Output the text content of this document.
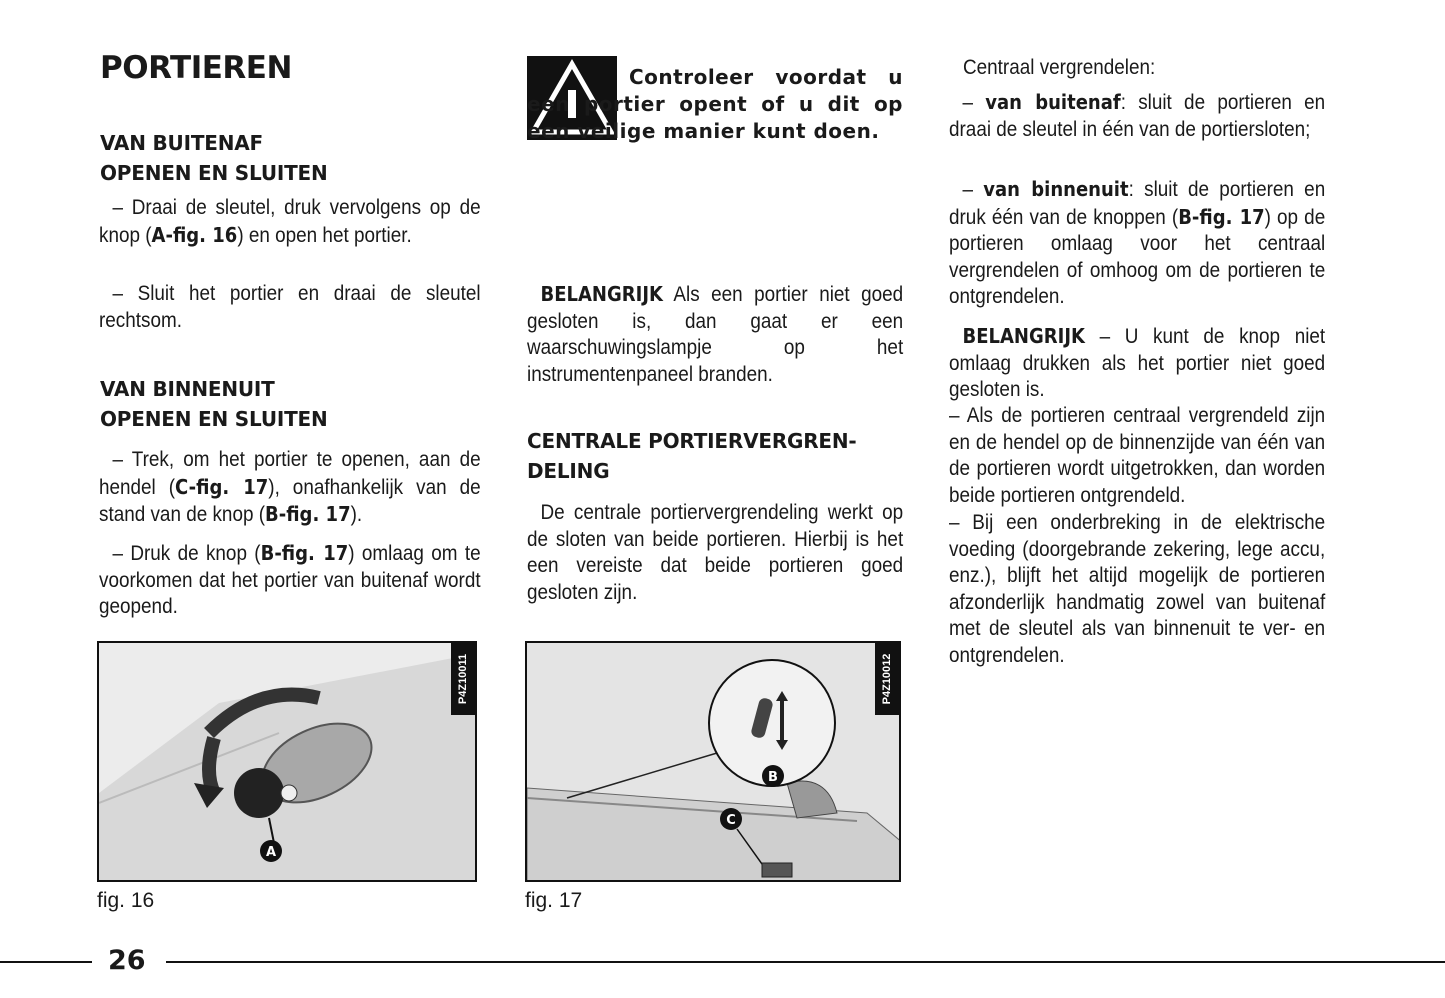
PORTIEREN
VAN BUITENAF
OPENEN EN SLUITEN

– Draai de sleutel, druk vervolgens op de knop (A-fig. 16) en open het portier.

– Sluit het portier en draai de sleutel rechtsom.

VAN BINNENUIT
OPENEN EN SLUITEN

– Trek, om het portier te openen, aan de hendel (C-fig. 17), onafhankelijk van de stand van de knop (B-fig. 17).

– Druk de knop (B-fig. 17) omlaag om te voorkomen dat het portier van buitenaf wordt geopend.

A
P4Z10011
fig. 16
Controleer voordat u een portier opent of u dit op een veilige manier kunt doen.

BELANGRIJK Als een portier niet goed gesloten is, dan gaat er een waarschuwingslampje op het instrumentenpaneel branden.

CENTRALE PORTIERVERGREN-
DELING

De centrale portiervergrendeling werkt op de sloten van beide portieren. Hierbij is het een vereiste dat beide portieren goed gesloten zijn.

B
C
P4Z10012
fig. 17

Centraal vergrendelen:

– van buitenaf: sluit de portieren en draai de sleutel in één van de portiersloten;

– van binnenuit: sluit de portieren en druk één van de knoppen (B-fig. 17) op de portieren omlaag voor het centraal vergrendelen of omhoog om de portieren te ontgrendelen.

BELANGRIJK – U kunt de knop niet omlaag drukken als het portier niet goed gesloten is.

– Als de portieren centraal vergrendeld zijn en de hendel op de binnenzijde van één van de portieren wordt uitgetrokken, dan worden beide portieren ontgrendeld.

– Bij een onderbreking in de elektrische voeding (doorgebrande zekering, lege accu, enz.), blijft het altijd mogelijk de portieren afzonderlijk handmatig zowel van buitenaf met de sleutel als van binnenuit te ver- en ontgrendelen.

26
